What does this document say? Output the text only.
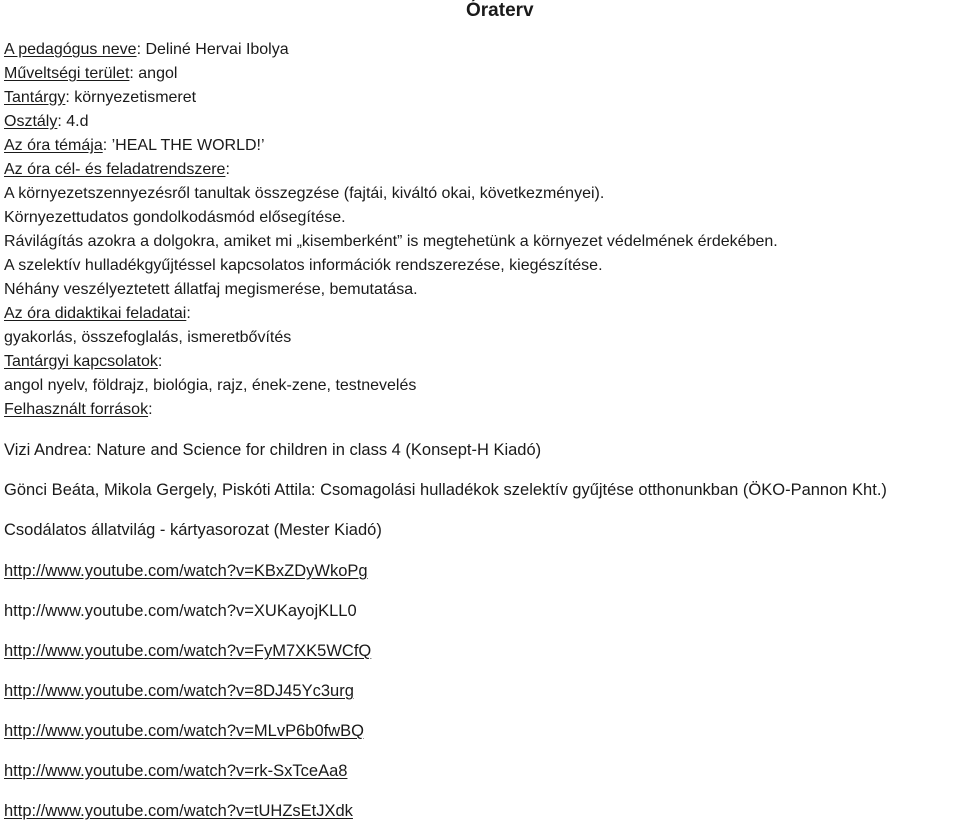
Óraterv
A pedagógus neve: Deliné Hervai Ibolya
Műveltségi terület: angol
Tantárgy: környezetismeret
Osztály: 4.d
Az óra témája: ’HEAL THE WORLD!’
Az óra cél- és feladatrendszere:
A környezetszennyezésről tanultak összegzése (fajtái, kiváltó okai, következményei).
Környezettudatos gondolkodásmód elősegítése.
Rávilágítás azokra a dolgokra, amiket mi „kisemberként” is megtehetünk a környezet védelmének érdekében.
A szelektív hulladékgyűjtéssel kapcsolatos információk rendszerezése, kiegészítése.
Néhány veszélyeztetett állatfaj megismerése, bemutatása.
Az óra didaktikai feladatai:
gyakorlás, összefoglalás, ismeretbővítés
Tantárgyi kapcsolatok:
angol nyelv, földrajz, biológia, rajz, ének-zene, testnevelés
Felhasznált források:
Vizi Andrea: Nature and Science for children in class 4 (Konsept-H Kiadó)
Gönci Beáta, Mikola Gergely, Piskóti Attila: Csomagolási hulladékok szelektív gyűjtése otthonunkban (ÖKO-Pannon Kht.)
Csodálatos állatvilág - kártyasorozat (Mester Kiadó)
http://www.youtube.com/watch?v=KBxZDyWkoPg
http://www.youtube.com/watch?v=XUKayojKLL0
http://www.youtube.com/watch?v=FyM7XK5WCfQ
http://www.youtube.com/watch?v=8DJ45Yc3urg
http://www.youtube.com/watch?v=MLvP6b0fwBQ
http://www.youtube.com/watch?v=rk-SxTceAa8
http://www.youtube.com/watch?v=tUHZsEtJXdk
